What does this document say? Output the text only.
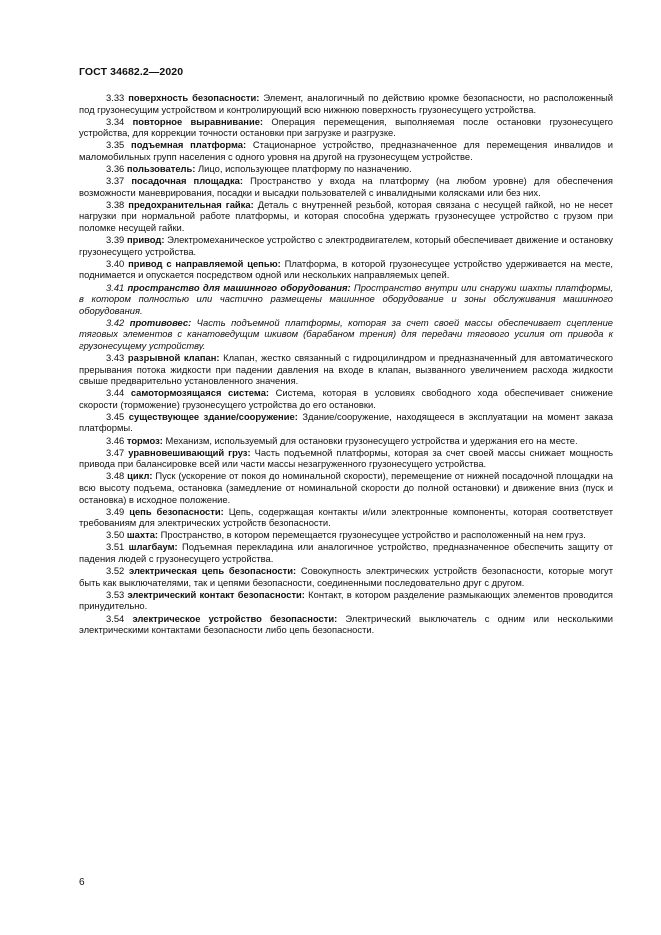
ГОСТ 34682.2—2020

3.33 поверхность безопасности: Элемент, аналогичный по действию кромке безопасности, но расположенный под грузонесущим устройством и контролирующий всю нижнюю поверхность грузонесущего устройства.

3.34 повторное выравнивание: Операция перемещения, выполняемая после остановки грузонесущего устройства, для коррекции точности остановки при загрузке и разгрузке.

3.35 подъемная платформа: Стационарное устройство, предназначенное для перемещения инвалидов и маломобильных групп населения с одного уровня на другой на грузонесущем устройстве.

3.36 пользователь: Лицо, использующее платформу по назначению.

3.37 посадочная площадка: Пространство у входа на платформу (на любом уровне) для обеспечения возможности маневрирования, посадки и высадки пользователей с инвалидными колясками или без них.

3.38 предохранительная гайка: Деталь с внутренней резьбой, которая связана с несущей гайкой, но не несет нагрузки при нормальной работе платформы, и которая способна удержать грузонесущее устройство с грузом при поломке несущей гайки.

3.39 привод: Электромеханическое устройство с электродвигателем, который обеспечивает движение и остановку грузонесущего устройства.

3.40 привод с направляемой цепью: Платформа, в которой грузонесущее устройство удерживается на месте, поднимается и опускается посредством одной или нескольких направляемых цепей.

3.41 пространство для машинного оборудования: Пространство внутри или снаружи шахты платформы, в котором полностью или частично размещены машинное оборудование и зоны обслуживания машинного оборудования.

3.42 противовес: Часть подъемной платформы, которая за счет своей массы обеспечивает сцепление тяговых элементов с канатоведущим шкивом (барабаном трения) для передачи тягового усилия от привода к грузонесущему устройству.

3.43 разрывной клапан: Клапан, жестко связанный с гидроцилиндром и предназначенный для автоматического прерывания потока жидкости при падении давления на входе в клапан, вызванного увеличением расхода жидкости свыше предварительно установленного значения.

3.44 самотормозящаяся система: Система, которая в условиях свободного хода обеспечивает снижение скорости (торможение) грузонесущего устройства до его остановки.

3.45 существующее здание/сооружение: Здание/сооружение, находящееся в эксплуатации на момент заказа платформы.

3.46 тормоз: Механизм, используемый для остановки грузонесущего устройства и удержания его на месте.

3.47 уравновешивающий груз: Часть подъемной платформы, которая за счет своей массы снижает мощность привода при балансировке всей или части массы незагруженного грузонесущего устройства.

3.48 цикл: Пуск (ускорение от покоя до номинальной скорости), перемещение от нижней посадочной площадки на всю высоту подъема, остановка (замедление от номинальной скорости до полной остановки) и движение вниз (пуск и остановка) в исходное положение.

3.49 цепь безопасности: Цепь, содержащая контакты и/или электронные компоненты, которая соответствует требованиям для электрических устройств безопасности.

3.50 шахта: Пространство, в котором перемещается грузонесущее устройство и расположенный на нем груз.

3.51 шлагбаум: Подъемная перекладина или аналогичное устройство, предназначенное обеспечить защиту от падения людей с грузонесущего устройства.

3.52 электрическая цепь безопасности: Совокупность электрических устройств безопасности, которые могут быть как выключателями, так и цепями безопасности, соединенными последовательно друг с другом.

3.53 электрический контакт безопасности: Контакт, в котором разделение размыкающих элементов проводится принудительно.

3.54 электрическое устройство безопасности: Электрический выключатель с одним или несколькими электрическими контактами безопасности либо цепь безопасности.

6
